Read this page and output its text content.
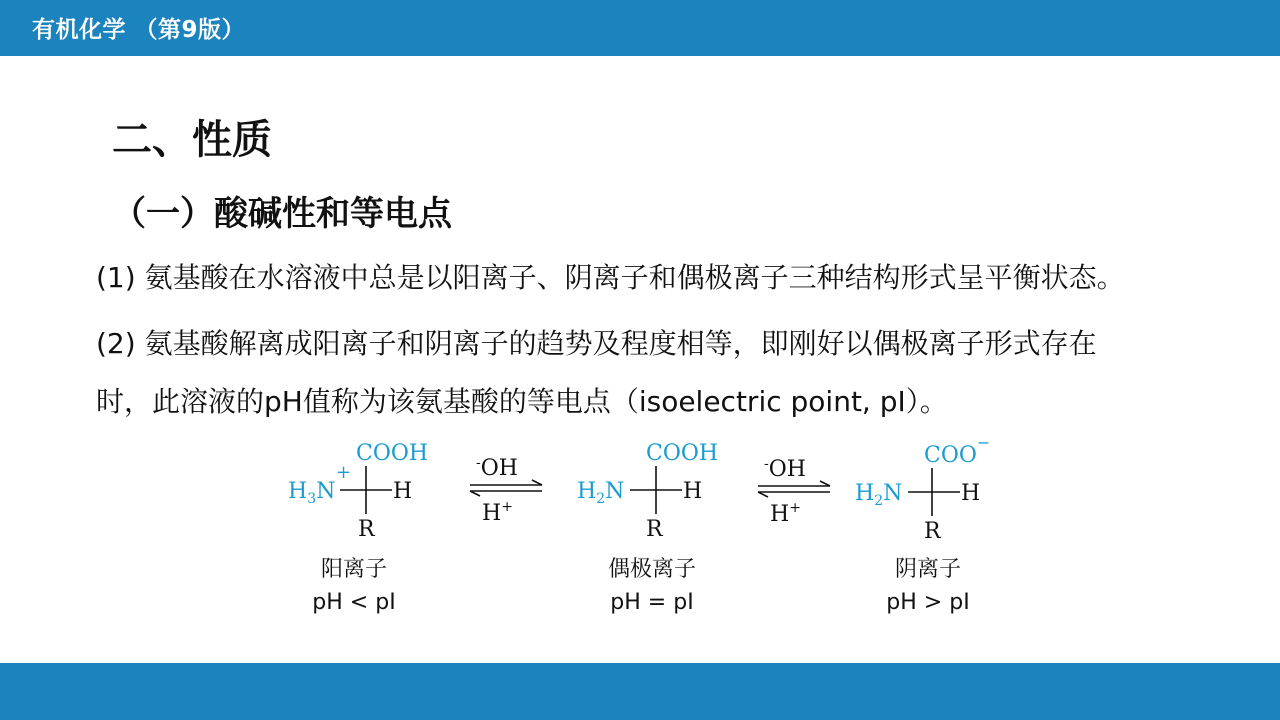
有机化学 （第9版）
二、性质
（一）酸碱性和等电点
(1) 氨基酸在水溶液中总是以阳离子、阴离子和偶极离子三种结构形式呈平衡状态。
(2) 氨基酸解离成阳离子和阴离子的趋势及程度相等，即刚好以偶极离子形式存在
时，此溶液的pH值称为该氨基酸的等电点（isoelectric point, pI）。
COOH
$H_3N$
+
H
R
-OH
H+
COOH
$H_2N$	H
R
-OH
H+
COO−
$H_2N$	H
R
阳离子
pH < pI
偶极离子
pH = pI
阴离子
pH > pI
